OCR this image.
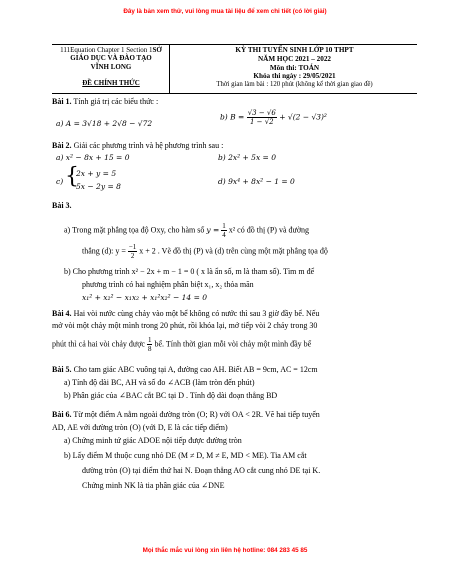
Đây là bản xem thử, vui lòng mua tài liệu để xem chi tiết (có lời giải)
111Equation Chapter 1 Section 1SỞ
GIÁO DỤC VÀ ĐÀO TẠO
VĨNH LONG
ĐỀ CHÍNH THỨC
KỲ THI TUYỂN SINH LỚP 10 THPT
NĂM HỌC 2021 – 2022
Môn thi: TOÁN
Khóa thi ngày : 29/05/2021
Thời gian làm bài : 120 phút (không kể thời gian giao đề)
Bài 1. Tính giá trị các biểu thức :
a) A = 3√18 + 2√8 − √72
b) $B = \frac{√3 - √6}{1 - √2} + √(2 - √3)^2$
Bài 2. Giải các phương trình và hệ phương trình sau :
a) x² − 8x + 15 = 0	b) 2x² + 5x = 0
c) {
2x + y = 5
5x − 2y = 8
d) 9x⁴ + 8x² − 1 = 0
Bài 3.
a) Trong mặt phẳng tọa độ Oxy, cho hàm số $y = \frac{1}{4} x^2$ có đồ thị (P) và đường
thẳng (d): $y = \frac{-1}{2}$ x + 2 . Vẽ đồ thị (P) và (d) trên cùng một mặt phẳng tọa độ
b) Cho phương trình x² − 2x + m − 1 = 0 ( x là ẩn số, m là tham số). Tìm m để
phương trình có hai nghiệm phân biệt x₁, x₂ thỏa mãn
x₁² + x₂² − x₁x₂ + x₁²x₂² − 14 = 0
Bài 4. Hai vòi nước cùng chảy vào một bể không có nước thì sau 3 giờ đầy bể. Nếu
mở vòi một chảy một mình trong 20 phút, rồi khóa lại, mở tiếp vòi 2 chảy trong 30
phút thì cả hai vòi chảy được $\frac{1}{8}$ bể. Tính thời gian mỗi vòi chảy một mình đầy bể
Bài 5. Cho tam giác ABC vuông tại A, đường cao AH. Biết AB = 9cm, AC = 12cm
a) Tính độ dài BC, AH và số đo ∠ACB (làm tròn đến phút)
b) Phân giác của ∠BAC cắt BC tại D . Tính độ dài đoạn thẳng BD
Bài 6. Từ một điểm A nằm ngoài đường tròn (O; R) với OA < 2R. Vẽ hai tiếp tuyến
AD, AE với đường tròn (O) (với D, E là các tiếp điểm)
a) Chứng minh tứ giác ADOE nội tiếp được đường tròn
b) Lấy điểm M thuộc cung nhỏ DE (M ≠ D, M ≠ E, MD < ME). Tia AM cắt
đường tròn (O) tại điểm thứ hai N. Đoạn thẳng AO cắt cung nhỏ DE tại K.
Chứng minh NK là tia phân giác của ∠DNE
Mọi thắc mắc vui lòng xin liên hệ hotline: 084 283 45 85
